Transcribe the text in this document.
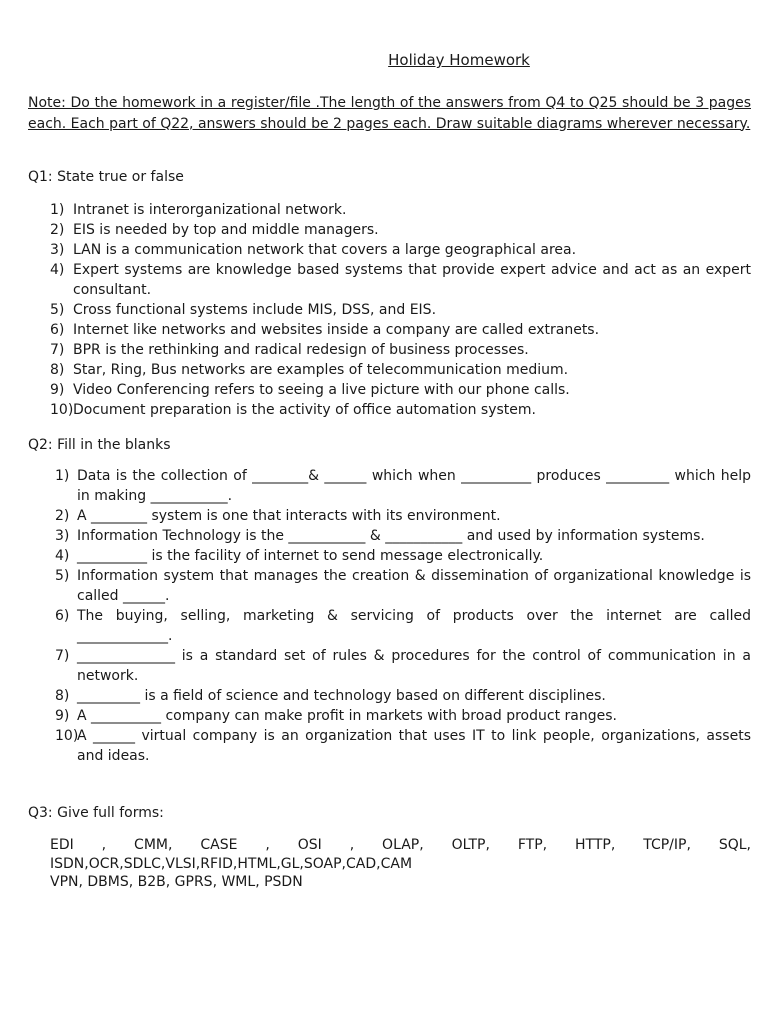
Holiday Homework
Note: Do the homework in a register/file .The length of the answers from Q4 to Q25 should be 3 pages each. Each part of Q22, answers should be 2 pages each. Draw suitable diagrams wherever necessary.
Q1: State true or false
1) Intranet is interorganizational network.
2) EIS is needed by top and middle managers.
3) LAN is a communication network that covers a large geographical area.
4) Expert systems are knowledge based systems that provide expert advice and act as an expert consultant.
5) Cross functional systems include MIS, DSS, and EIS.
6) Internet like networks and websites inside a company are called extranets.
7) BPR is the rethinking and radical redesign of business processes.
8) Star, Ring, Bus networks are examples of telecommunication medium.
9) Video Conferencing refers to seeing a live picture with our phone calls.
10) Document preparation is the activity of office automation system.
Q2: Fill in the blanks
1) Data is the collection of ________& ______ which when __________ produces _________ which help in making ___________.
2) A ________ system is one that interacts with its environment.
3) Information Technology is the ___________ & ___________ and used by information systems.
4) __________ is the facility of internet to send message electronically.
5) Information system that manages the creation & dissemination of organizational knowledge is called ______.
6) The buying, selling, marketing & servicing of products over the internet are called _____________.
7) ______________ is a standard set of rules & procedures for the control of communication in a network.
8) _________ is a field of science and technology based on different disciplines.
9) A __________ company can make profit in markets with broad product ranges.
10)
A ______ virtual company is an organization that uses IT to link people, organizations, assets and ideas.
Q3: Give full forms:
EDI , CMM, CASE , OSI , OLAP, OLTP, FTP, HTTP, TCP/IP, SQL,
ISDN,OCR,SDLC,VLSI,RFID,HTML,GL,SOAP,CAD,CAM
VPN, DBMS, B2B, GPRS, WML, PSDN
